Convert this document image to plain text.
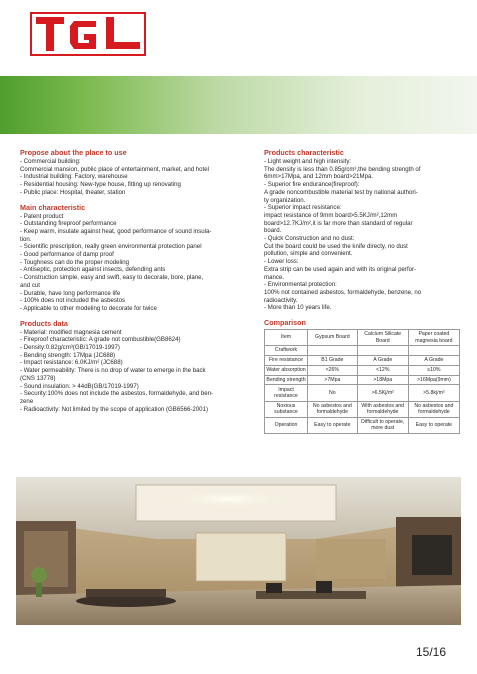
Propose about the place to use
- Commercial building:
Commercial mansion, public place of entertainment, market, and hotel
- Industrial building: Factory, warehouse
- Residential housing: New-type house, fitting up renovating
- Public place: Hospital, theater, station
Main characteristic
- Patent product
- Outstanding fireproof performance
- Keep warm, insulate against heat, good performance of sound insula-
tion.
- Scientific prescription, really green environmental protection panel
- Good performance of damp proof
- Toughness can do the proper modeling
- Antiseptic, protection against insects, defending ants
- Construction simple, easy and swift, easy to decorate, bore, plane,
and cut
- Durable, have long performance life
- 100% does not included the asbestos
- Applicable to other modeling to decorate for twice
Products data
- Material: modified magnesia cement
- Fireproof characteristic: A grade not combustible(GB8624)
- Density:0.82g/cm³(GB/17019-1997)
- Bending strength: 17Mpa (JC688)
- Impact resistance: 6.0KJ/m² (JC688)
- Water permeability: There is no drop of water to emerge in the back
(CNS 13778)
- Sound insulation: > 44dB(GB/17019-1997)
- Security:100% does not include the asbestos, formaldehyde, and ben-
zene
- Radioactivity: Not limited by the scope of application (GB6566-2001)
Products characteristic
- Light weight and high intensity:
The density is less than 0.85g/cm³,the bending strength of
6mm>17Mpa, and 12mm board>21Mpa.
- Superior fire endurance(fireproof):
A grade noncombustible material test by national authori-
ty organization.
- Superior impact resistance:
impact resistance of 9mm board>5.5KJ/m²,12mm
board>12.7KJ/m²,it is far more than standard of regular
board.
- Quick Construction and no dust:
Cut the board could be used the knife directy, no dust
pollution, simple and convenient.
- Lower loss:
Extra strip can be used again and with its original perfor-
mance.
- Environmental protection:
100% not contained asbestos, formaldehyde, benzene, no
radioactivity.
- More than 10 years life.
Comparison
Item	Gypsum Board	Calcium Silicate Board	Paper coated magnesia board
Craftwork			
Fire resistance	B1 Grade	A Grade	A Grade
Water absorption	<26%	<12%	≤10%
Bending strength	>7Mpa	>18Mpa	>16Mpa(9mm)
Impact resistance	No	>6.5Kj/m²	>5.8kj/m²
Noxious substance	No asbestos and formaldehyde	With asbestos and formaldehyde	No asbestos and formaldehyde
Operation	Easy to operate	Difficult to operate, more dust	Easy to operate
15/16
